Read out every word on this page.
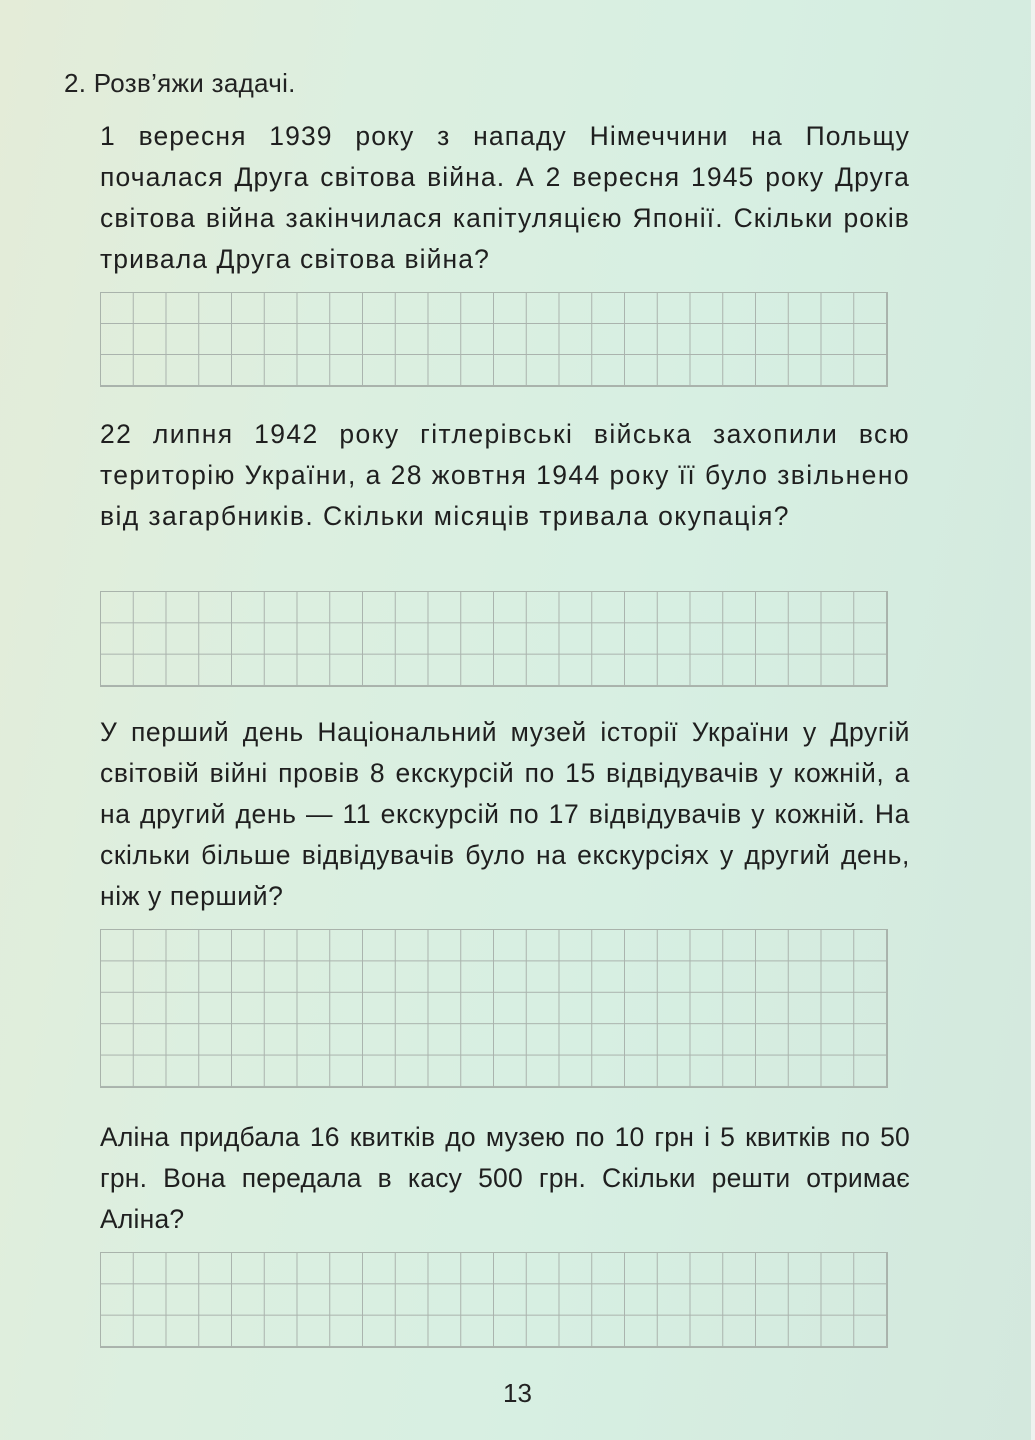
2. Розв’яжи задачі.
1 вересня 1939 року з нападу Німеччини на Польщу почалася Друга світова війна. А 2 вересня 1945 року Друга світова війна закінчилася капітуляцією Японії. Скільки років тривала Друга світова війна?
22 липня 1942 року гітлерівські війська захопили всю територію України, а 28 жовтня 1944 року її було звільнено від загарбників. Скільки місяців тривала окупація?
У перший день Національний музей історії України у Другій світовій війні провів 8 екскурсій по 15 відвідувачів у кожній, а на другий день — 11 екскурсій по 17 відвідувачів у кожній. На скільки більше відвідувачів було на екскурсіях у другий день, ніж у перший?
Аліна придбала 16 квитків до музею по 10 грн і 5 квитків по 50 грн. Вона передала в касу 500 грн. Скільки решти отримає Аліна?
13
